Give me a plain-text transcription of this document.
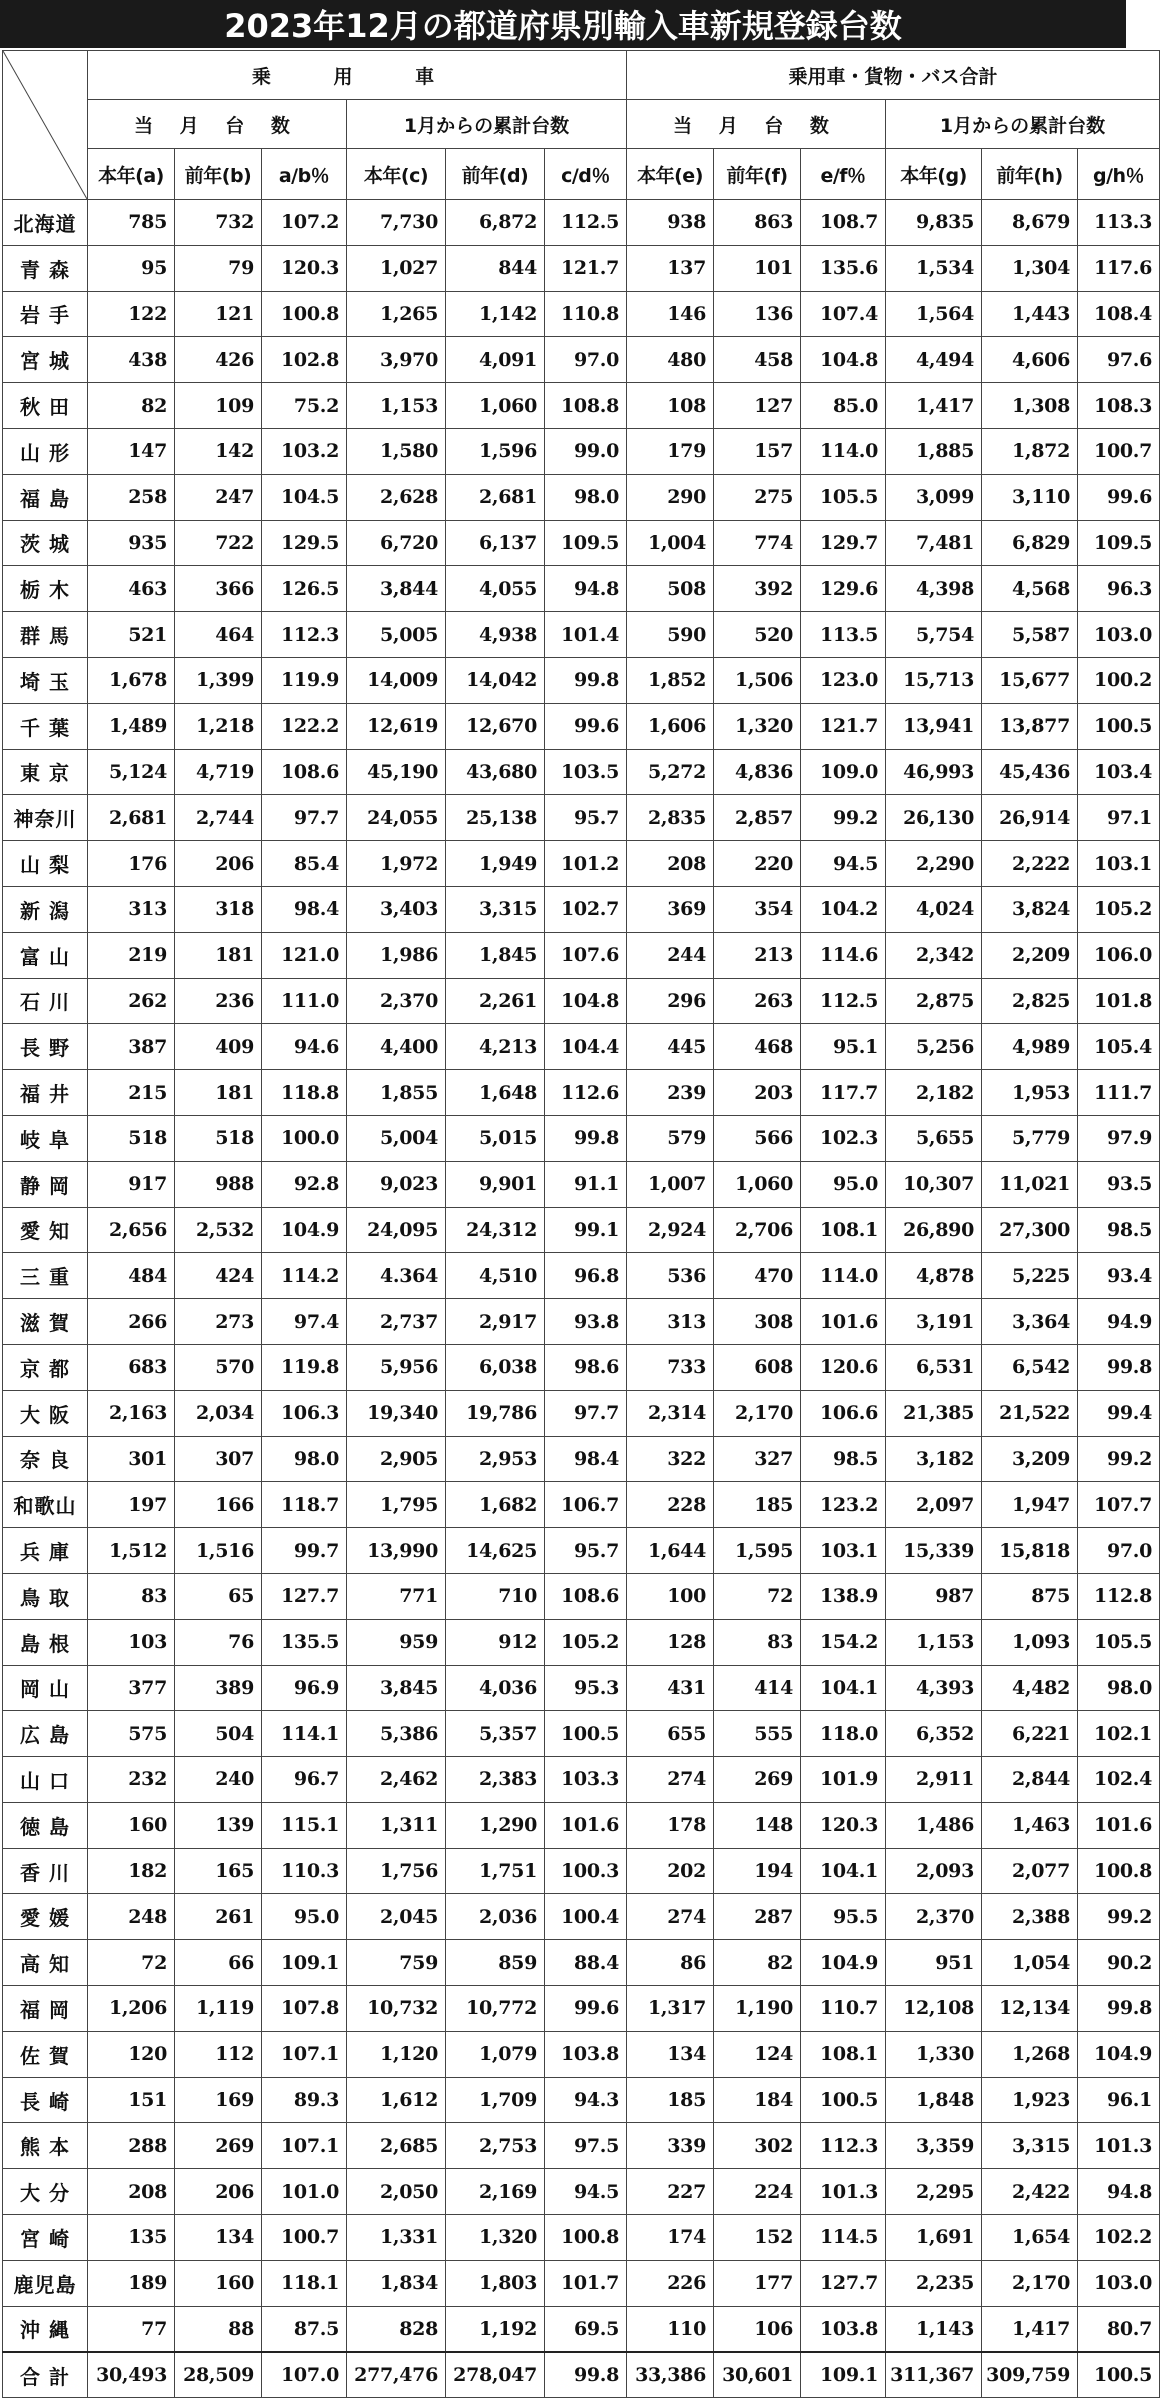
2023年12月の都道府県別輸入車新規登録台数
	乗 用 車						乗用車・貨物・バス合計					
	当 月 台 数			1月からの累計台数			当 月 台 数			1月からの累計台数		
	本年(a)	前年(b)	a/b％	本年(c)	前年(d)	c/d％	本年(e)	前年(f)	e/f％	本年(g)	前年(h)	g/h％
北海道	785	732	107.2	7,730	6,872	112.5	938	863	108.7	9,835	8,679	113.3
青 森	95	79	120.3	1,027	844	121.7	137	101	135.6	1,534	1,304	117.6
岩 手	122	121	100.8	1,265	1,142	110.8	146	136	107.4	1,564	1,443	108.4
宮 城	438	426	102.8	3,970	4,091	97.0	480	458	104.8	4,494	4,606	97.6
秋 田	82	109	75.2	1,153	1,060	108.8	108	127	85.0	1,417	1,308	108.3
山 形	147	142	103.2	1,580	1,596	99.0	179	157	114.0	1,885	1,872	100.7
福 島	258	247	104.5	2,628	2,681	98.0	290	275	105.5	3,099	3,110	99.6
茨 城	935	722	129.5	6,720	6,137	109.5	1,004	774	129.7	7,481	6,829	109.5
栃 木	463	366	126.5	3,844	4,055	94.8	508	392	129.6	4,398	4,568	96.3
群 馬	521	464	112.3	5,005	4,938	101.4	590	520	113.5	5,754	5,587	103.0
埼 玉	1,678	1,399	119.9	14,009	14,042	99.8	1,852	1,506	123.0	15,713	15,677	100.2
千 葉	1,489	1,218	122.2	12,619	12,670	99.6	1,606	1,320	121.7	13,941	13,877	100.5
東 京	5,124	4,719	108.6	45,190	43,680	103.5	5,272	4,836	109.0	46,993	45,436	103.4
神奈川	2,681	2,744	97.7	24,055	25,138	95.7	2,835	2,857	99.2	26,130	26,914	97.1
山 梨	176	206	85.4	1,972	1,949	101.2	208	220	94.5	2,290	2,222	103.1
新 潟	313	318	98.4	3,403	3,315	102.7	369	354	104.2	4,024	3,824	105.2
富 山	219	181	121.0	1,986	1,845	107.6	244	213	114.6	2,342	2,209	106.0
石 川	262	236	111.0	2,370	2,261	104.8	296	263	112.5	2,875	2,825	101.8
長 野	387	409	94.6	4,400	4,213	104.4	445	468	95.1	5,256	4,989	105.4
福 井	215	181	118.8	1,855	1,648	112.6	239	203	117.7	2,182	1,953	111.7
岐 阜	518	518	100.0	5,004	5,015	99.8	579	566	102.3	5,655	5,779	97.9
静 岡	917	988	92.8	9,023	9,901	91.1	1,007	1,060	95.0	10,307	11,021	93.5
愛 知	2,656	2,532	104.9	24,095	24,312	99.1	2,924	2,706	108.1	26,890	27,300	98.5
三 重	484	424	114.2	4.364	4,510	96.8	536	470	114.0	4,878	5,225	93.4
滋 賀	266	273	97.4	2,737	2,917	93.8	313	308	101.6	3,191	3,364	94.9
京 都	683	570	119.8	5,956	6,038	98.6	733	608	120.6	6,531	6,542	99.8
大 阪	2,163	2,034	106.3	19,340	19,786	97.7	2,314	2,170	106.6	21,385	21,522	99.4
奈 良	301	307	98.0	2,905	2,953	98.4	322	327	98.5	3,182	3,209	99.2
和歌山	197	166	118.7	1,795	1,682	106.7	228	185	123.2	2,097	1,947	107.7
兵 庫	1,512	1,516	99.7	13,990	14,625	95.7	1,644	1,595	103.1	15,339	15,818	97.0
鳥 取	83	65	127.7	771	710	108.6	100	72	138.9	987	875	112.8
島 根	103	76	135.5	959	912	105.2	128	83	154.2	1,153	1,093	105.5
岡 山	377	389	96.9	3,845	4,036	95.3	431	414	104.1	4,393	4,482	98.0
広 島	575	504	114.1	5,386	5,357	100.5	655	555	118.0	6,352	6,221	102.1
山 口	232	240	96.7	2,462	2,383	103.3	274	269	101.9	2,911	2,844	102.4
徳 島	160	139	115.1	1,311	1,290	101.6	178	148	120.3	1,486	1,463	101.6
香 川	182	165	110.3	1,756	1,751	100.3	202	194	104.1	2,093	2,077	100.8
愛 媛	248	261	95.0	2,045	2,036	100.4	274	287	95.5	2,370	2,388	99.2
高 知	72	66	109.1	759	859	88.4	86	82	104.9	951	1,054	90.2
福 岡	1,206	1,119	107.8	10,732	10,772	99.6	1,317	1,190	110.7	12,108	12,134	99.8
佐 賀	120	112	107.1	1,120	1,079	103.8	134	124	108.1	1,330	1,268	104.9
長 崎	151	169	89.3	1,612	1,709	94.3	185	184	100.5	1,848	1,923	96.1
熊 本	288	269	107.1	2,685	2,753	97.5	339	302	112.3	3,359	3,315	101.3
大 分	208	206	101.0	2,050	2,169	94.5	227	224	101.3	2,295	2,422	94.8
宮 崎	135	134	100.7	1,331	1,320	100.8	174	152	114.5	1,691	1,654	102.2
鹿児島	189	160	118.1	1,834	1,803	101.7	226	177	127.7	2,235	2,170	103.0
沖 縄	77	88	87.5	828	1,192	69.5	110	106	103.8	1,143	1,417	80.7
合 計	30,493	28,509	107.0	277,476	278,047	99.8	33,386	30,601	109.1	311,367	309,759	100.5
